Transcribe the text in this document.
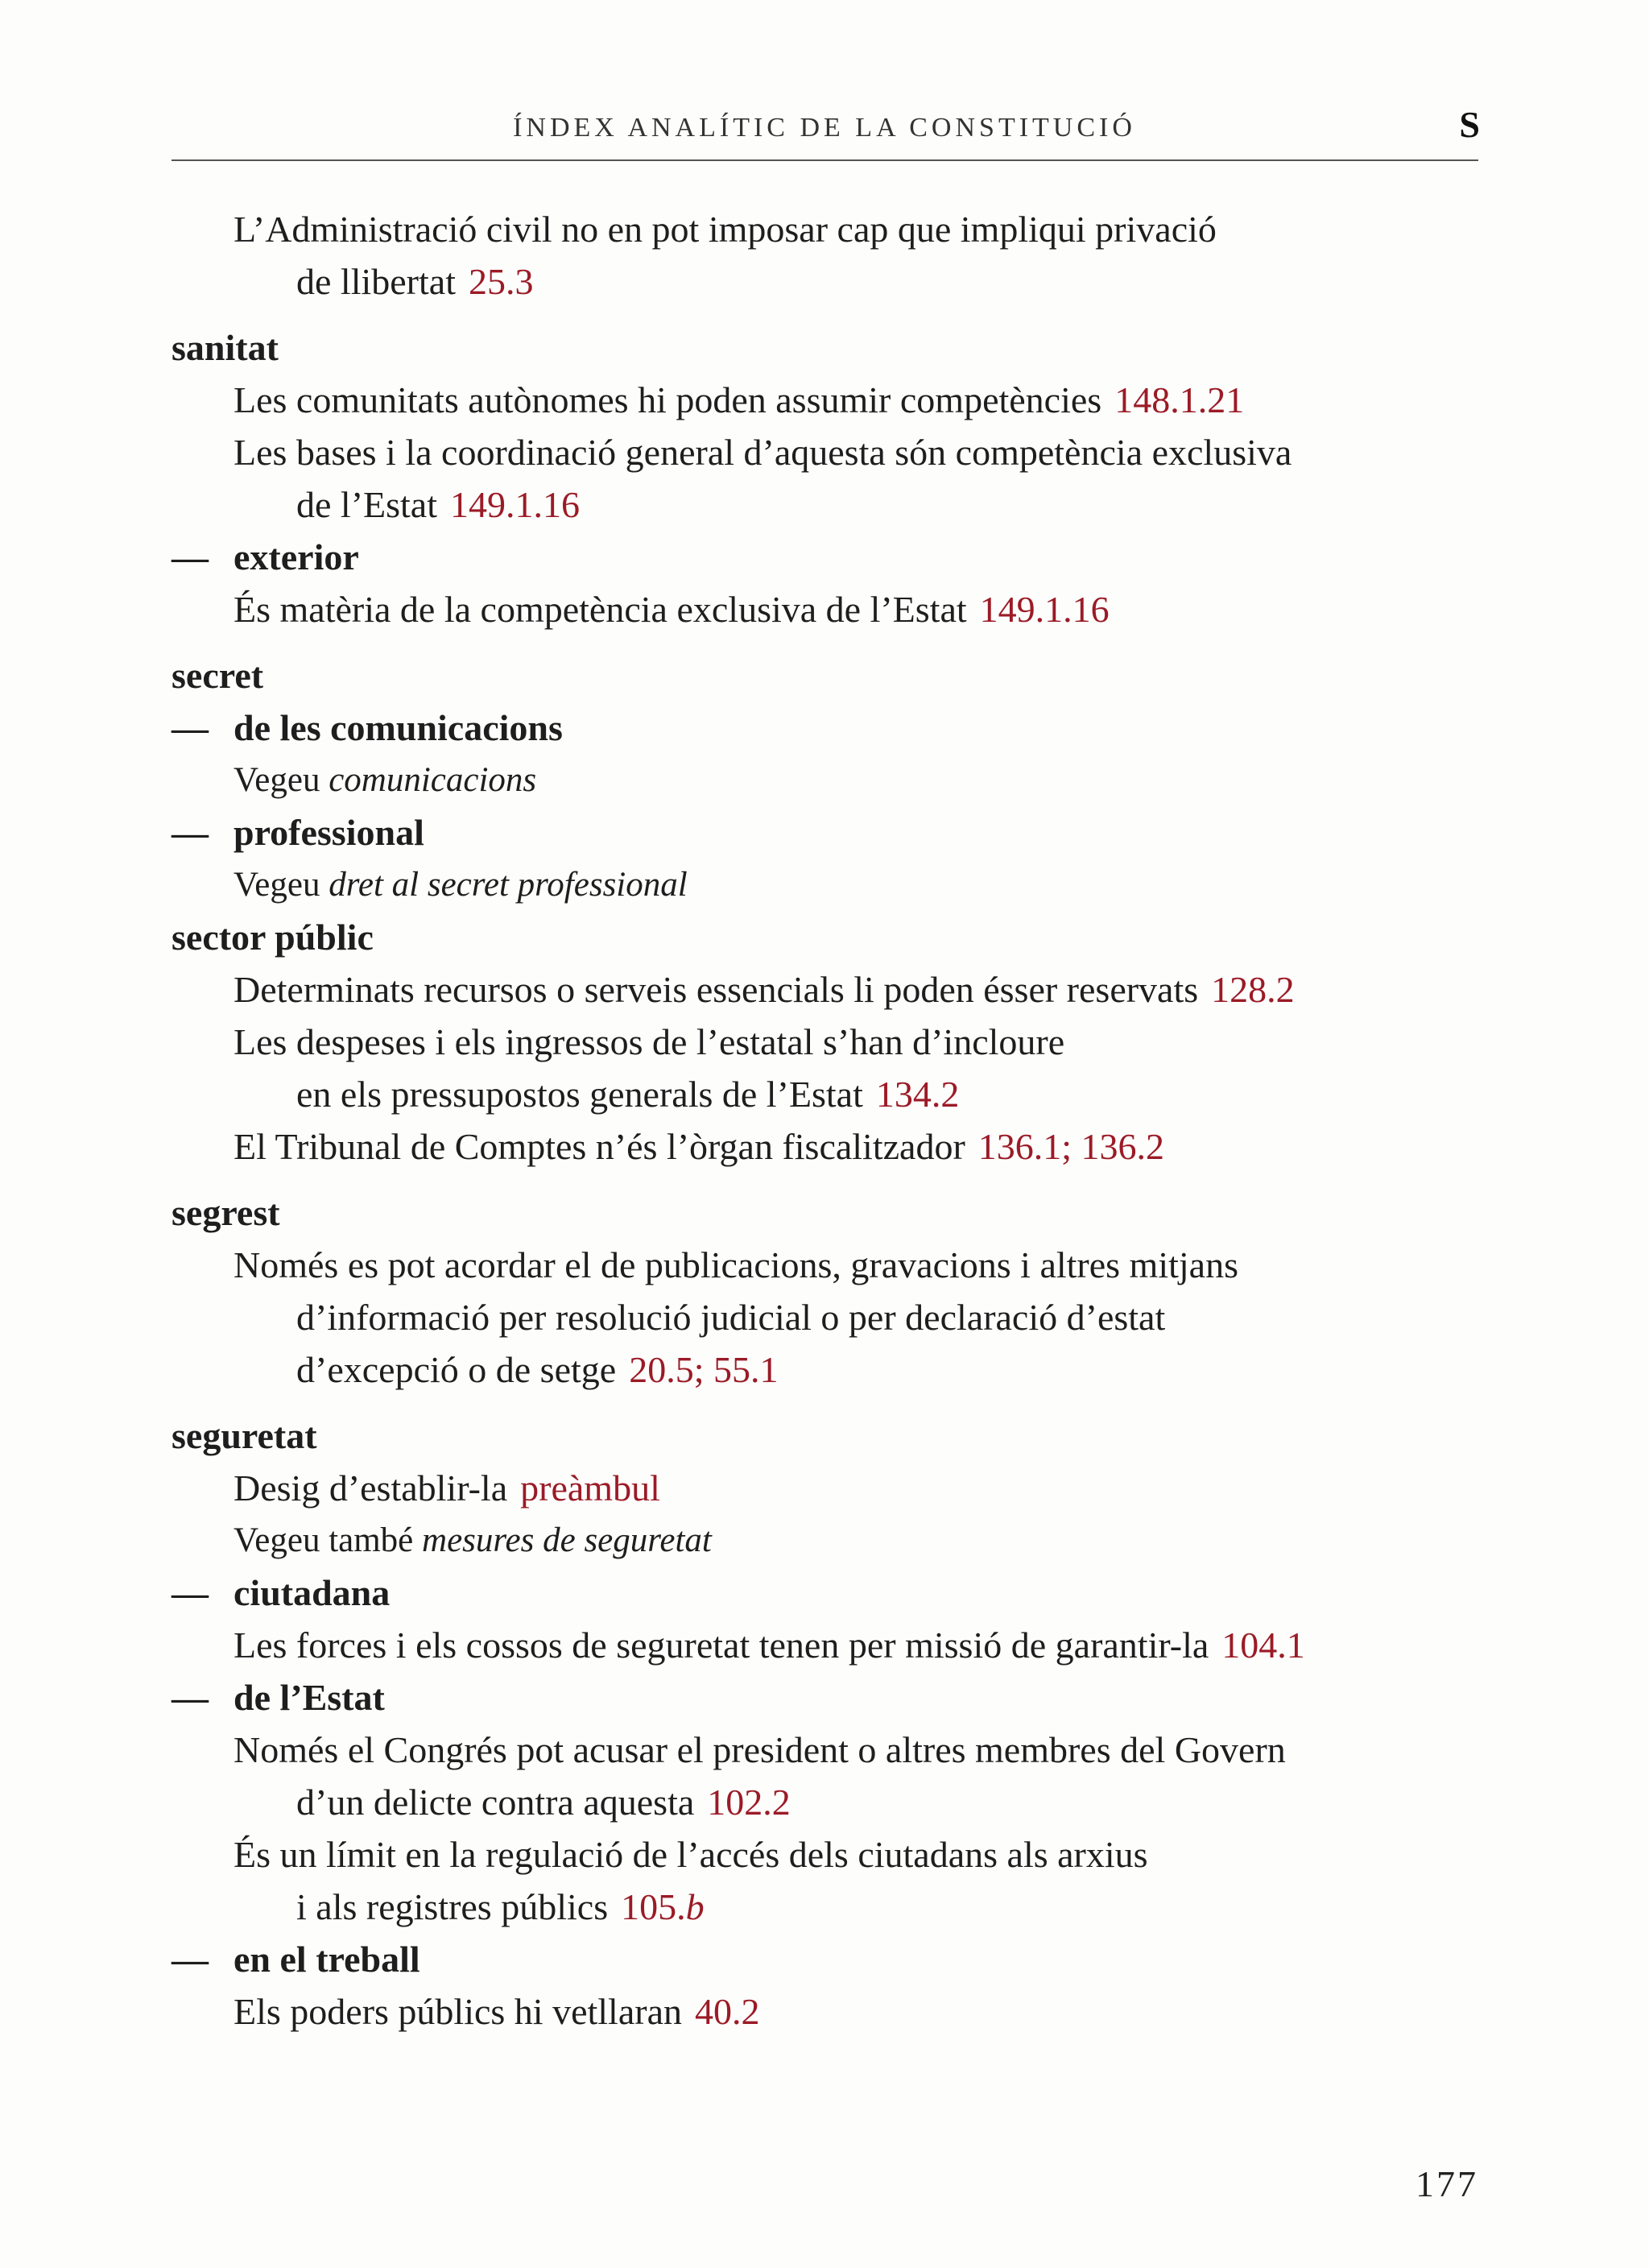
ÍNDEX ANALÍTIC DE LA CONSTITUCIÓ	S
L’Administració civil no en pot imposar cap que impliqui privació
de llibertat 25.3
sanitat
Les comunitats autònomes hi poden assumir competències 148.1.21
Les bases i la coordinació general d’aquesta són competència exclusiva
de l’Estat 149.1.16
— exterior
És matèria de la competència exclusiva de l’Estat 149.1.16
secret
— de les comunicacions
Vegeu comunicacions
— professional
Vegeu dret al secret professional
sector públic
Determinats recursos o serveis essencials li poden ésser reservats 128.2
Les despeses i els ingressos de l’estatal s’han d’incloure
en els pressupostos generals de l’Estat 134.2
El Tribunal de Comptes n’és l’òrgan fiscalitzador 136.1; 136.2
segrest
Només es pot acordar el de publicacions, gravacions i altres mitjans
d’informació per resolució judicial o per declaració d’estat
d’excepció o de setge 20.5; 55.1
seguretat
Desig d’establir-la preàmbul
Vegeu també mesures de seguretat
— ciutadana
Les forces i els cossos de seguretat tenen per missió de garantir-la 104.1
— de l’Estat
Només el Congrés pot acusar el president o altres membres del Govern
d’un delicte contra aquesta 102.2
És un límit en la regulació de l’accés dels ciutadans als arxius
i als registres públics 105.b
— en el treball
Els poders públics hi vetllaran 40.2
177
